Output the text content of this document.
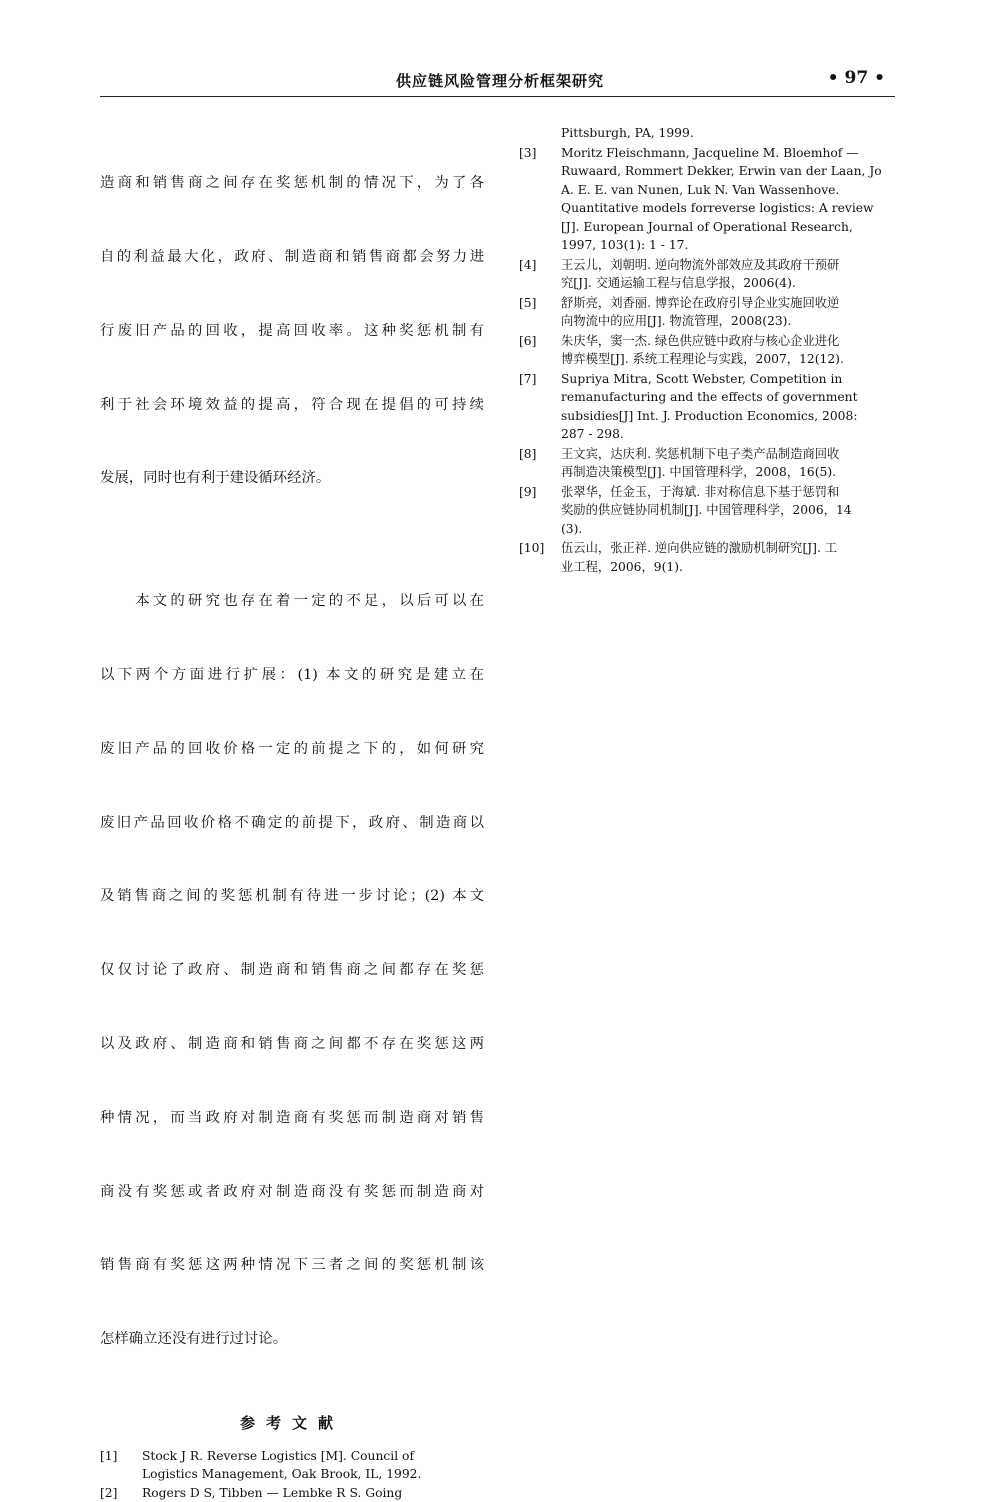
供应链风险管理分析框架研究	• 97 •

造商和销售商之间存在奖惩机制的情况下，为了各

自的利益最大化，政府、制造商和销售商都会努力进

行废旧产品的回收，提高回收率。这种奖惩机制有

利于社会环境效益的提高，符合现在提倡的可持续

发展，同时也有利于建设循环经济。

　　本文的研究也存在着一定的不足，以后可以在

以下两个方面进行扩展：(1) 本文的研究是建立在

废旧产品的回收价格一定的前提之下的，如何研究

废旧产品回收价格不确定的前提下，政府、制造商以

及销售商之间的奖惩机制有待进一步讨论；(2) 本文

仅仅讨论了政府、制造商和销售商之间都存在奖惩

以及政府、制造商和销售商之间都不存在奖惩这两

种情况，而当政府对制造商有奖惩而制造商对销售

商没有奖惩或者政府对制造商没有奖惩而制造商对

销售商有奖惩这两种情况下三者之间的奖惩机制该

怎样确立还没有进行过讨论。

参考文献
[1]	Stock J R. Reverse Logistics [M]. Council of
Logistics Management, Oak Brook, IL, 1992.
[2]	Rogers D S, Tibben — Lembke R S. Going
Pittsburgh, PA, 1999.
[3]	Moritz Fleischmann, Jacqueline M. Bloemhof —
Ruwaard, Rommert Dekker, Erwin van der Laan, Jo
A. E. E. van Nunen, Luk N. Van Wassenhove.
Quantitative models forreverse logistics: A review
[J]. European Journal of Operational Research,
1997, 103(1): 1 - 17.
[4]	王云儿，刘朝明. 逆向物流外部效应及其政府干预研
究[J]. 交通运输工程与信息学报，2006(4).
[5]	舒斯亮，刘香丽. 博弈论在政府引导企业实施回收逆
向物流中的应用[J]. 物流管理，2008(23).
[6]	朱庆华，窦一杰. 绿色供应链中政府与核心企业进化
博弈模型[J]. 系统工程理论与实践，2007，12(12).
[7]	Supriya Mitra, Scott Webster, Competition in
remanufacturing and the effects of government
subsidies[J] Int. J. Production Economics, 2008:
287 - 298.
[8]	王文宾，达庆利. 奖惩机制下电子类产品制造商回收
再制造决策模型[J]. 中国管理科学，2008，16(5).
[9]	张翠华，任金玉，于海斌. 非对称信息下基于惩罚和
奖励的供应链协同机制[J]. 中国管理科学，2006，14
(3).
[10]	伍云山，张正祥. 逆向供应链的激励机制研究[J]. 工
业工程，2006，9(1).
